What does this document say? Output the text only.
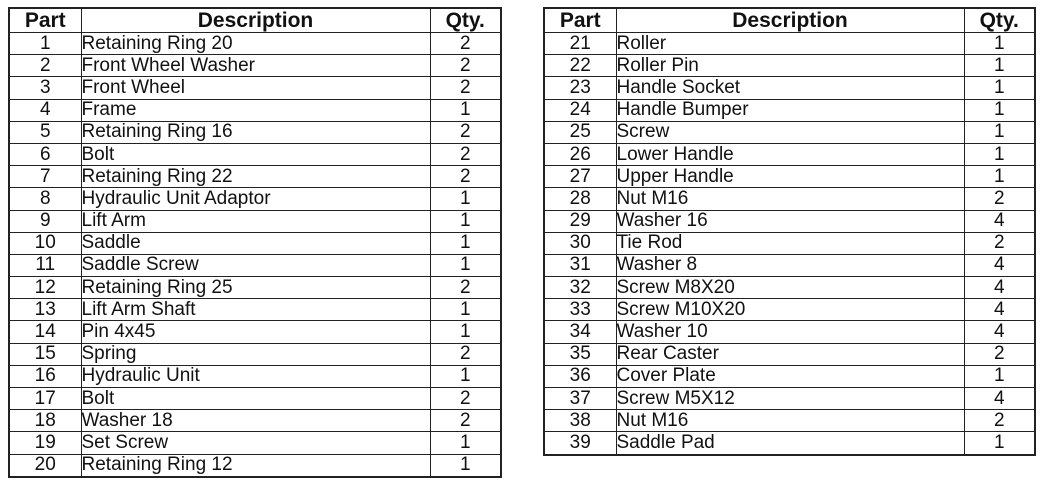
Part	Description	Qty.
1	Retaining Ring 20	2
2	Front Wheel Washer	2
3	Front Wheel	2
4	Frame	1
5	Retaining Ring 16	2
6	Bolt	2
7	Retaining Ring 22	2
8	Hydraulic Unit Adaptor	1
9	Lift Arm	1
10	Saddle	1
11	Saddle Screw	1
12	Retaining Ring 25	2
13	Lift Arm Shaft	1
14	Pin 4x45	1
15	Spring	2
16	Hydraulic Unit	1
17	Bolt	2
18	Washer 18	2
19	Set Screw	1
20	Retaining Ring 12	1
Part	Description	Qty.
21	Roller	1
22	Roller Pin	1
23	Handle Socket	1
24	Handle Bumper	1
25	Screw	1
26	Lower Handle	1
27	Upper Handle	1
28	Nut M16	2
29	Washer 16	4
30	Tie Rod	2
31	Washer 8	4
32	Screw M8X20	4
33	Screw M10X20	4
34	Washer 10	4
35	Rear Caster	2
36	Cover Plate	1
37	Screw M5X12	4
38	Nut M16	2
39	Saddle Pad	1
